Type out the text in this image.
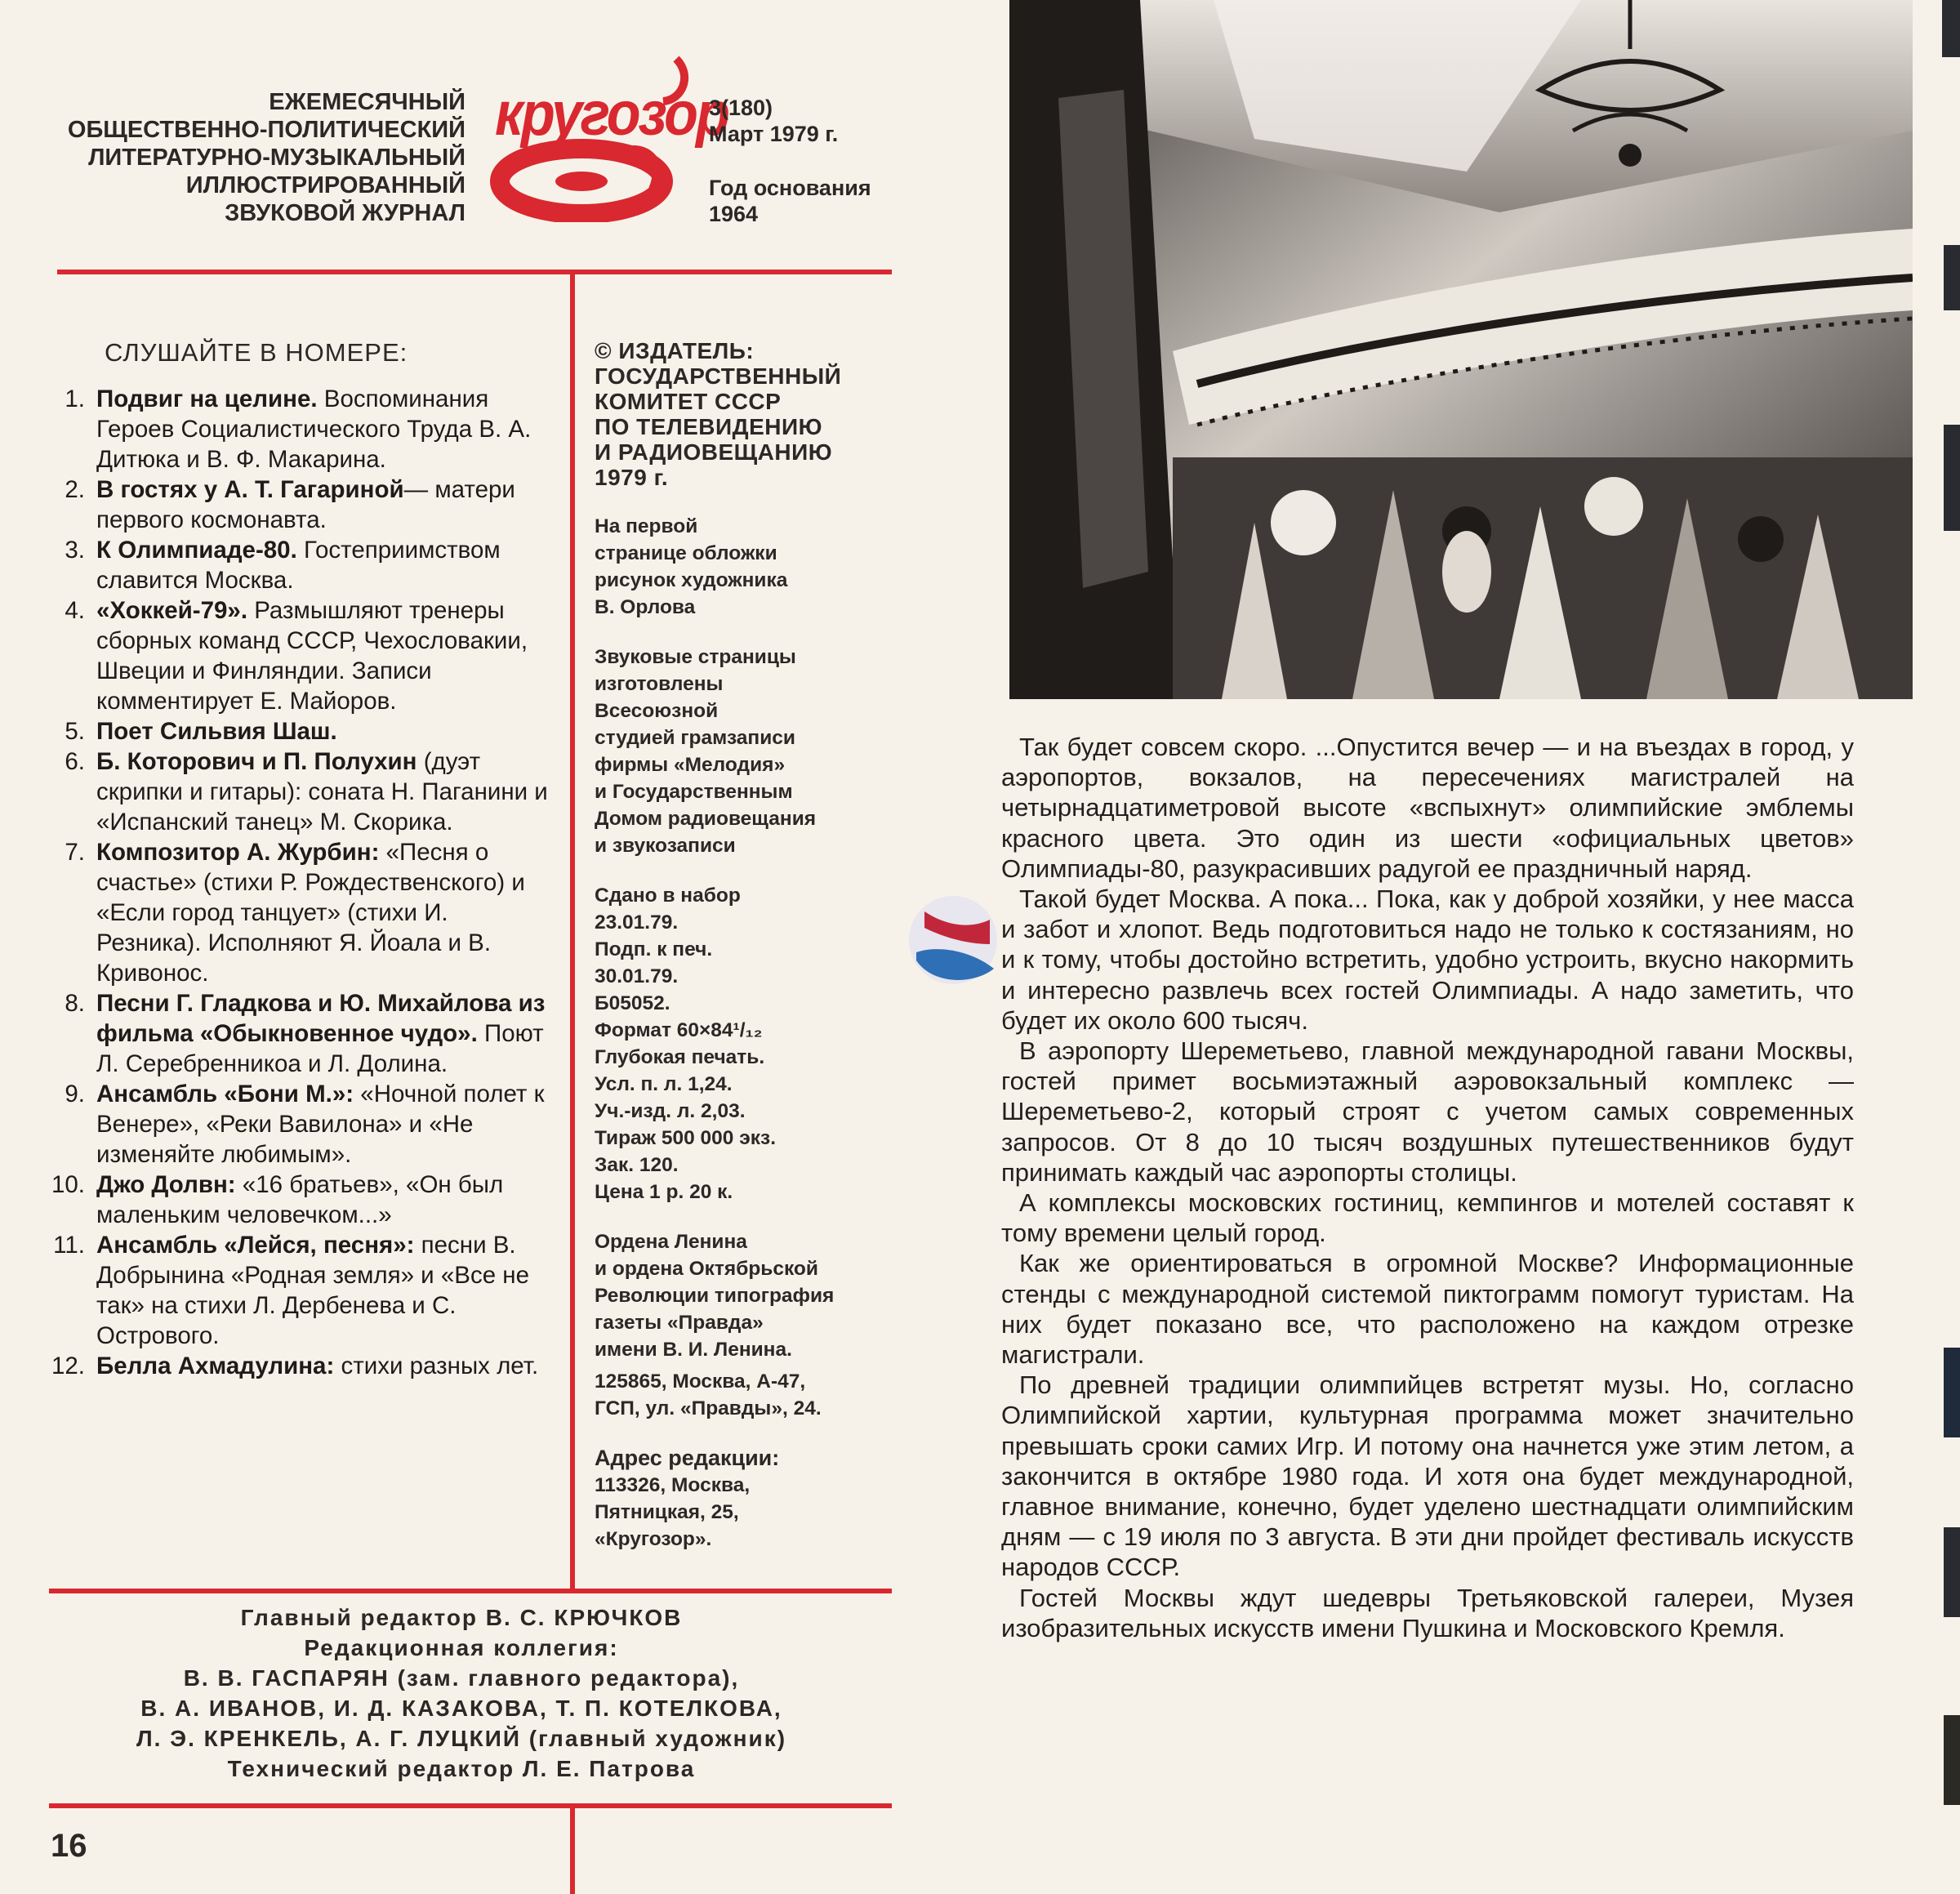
ЕЖЕМЕСЯЧНЫЙ
ОБЩЕСТВЕННО-ПОЛИТИЧЕСКИЙ
ЛИТЕРАТУРНО-МУЗЫКАЛЬНЫЙ
ИЛЛЮСТРИРОВАННЫЙ
ЗВУКОВОЙ ЖУРНАЛ
кругозор
3(180)
Март 1979 г.
Год основания
1964
СЛУШАЙТЕ В НОМЕРЕ:
1. Подвиг на целине. Воспоминания Героев Социалистического Труда В. А. Дитюка и В. Ф. Макарина.
2. В гостях у А. Т. Гагариной— матери первого космонавта.
3. К Олимпиаде-80. Гостеприимством славится Москва.
4. «Хоккей-79». Размышляют тренеры сборных команд СССР, Чехословакии, Швеции и Финляндии. Записи комментирует Е. Майоров.
5. Поет Сильвия Шаш.
6. Б. Которович и П. Полухин (дуэт скрипки и гитары): соната Н. Паганини и «Испанский танец» М. Скорика.
7. Композитор А. Журбин: «Песня о счастье» (стихи Р. Рождественского) и «Если город танцует» (стихи И. Резника). Исполняют Я. Йоала и В. Кривонос.
8. Песни Г. Гладкова и Ю. Михайлова из фильма «Обыкновенное чудо». Поют Л. Серебренникоа и Л. Долина.
9. Ансамбль «Бони М.»: «Ночной полет к Венере», «Реки Вавилона» и «Не изменяйте любимым».
10. Джо Долвн: «16 братьев», «Он был маленьким человечком...»
11. Ансамбль «Лейся, песня»: песни В. Добрынина «Родная земля» и «Все не так» на стихи Л. Дербенева и С. Острового.
12. Белла Ахмадулина: стихи разных лет.
© ИЗДАТЕЛЬ:
ГОСУДАРСТВЕННЫЙ
КОМИТЕТ СССР
ПО ТЕЛЕВИДЕНИЮ
И РАДИОВЕЩАНИЮ
1979 г.
На первой
странице обложки
рисунок художника
В. Орлова
Звуковые страницы
изготовлены
Всесоюзной
студией грамзаписи
фирмы «Мелодия»
и Государственным
Домом радиовещания
и звукозаписи
Сдано в набор
23.01.79.
Подп. к печ.
30.01.79.
Б05052.
Формат 60×84¹/₁₂
Глубокая печать.
Усл. п. л. 1,24.
Уч.-изд. л. 2,03.
Тираж 500 000 экз.
Зак. 120.
Цена 1 р. 20 к.
Ордена Ленина
и ордена Октябрьской
Революции типография
газеты «Правда»
имени В. И. Ленина.
125865, Москва, А-47,
ГСП, ул. «Правды», 24.
Адрес редакции:
113326, Москва,
Пятницкая, 25,
«Кругозор».
Главный редактор В. С. КРЮЧКОВ
Редакционная коллегия:
В. В. ГАСПАРЯН (зам. главного редактора),
В. А. ИВАНОВ, И. Д. КАЗАКОВА, Т. П. КОТЕЛКОВА,
Л. Э. КРЕНКЕЛЬ, А. Г. ЛУЦКИЙ (главный художник)
Технический редактор Л. Е. Патрова
16

Так будет совсем скоро. ...Опустится вечер — и на въездах в город, у аэропортов, вокзалов, на пересечениях магистралей на четырнадцатиметровой высоте «вспыхнут» олимпийские эмблемы красного цвета. Это один из шести «официальных цветов» Олимпиады-80, разукрасивших радугой ее праздничный наряд.

Такой будет Москва. А пока... Пока, как у доброй хозяйки, у нее масса и забот и хлопот. Ведь подготовиться надо не только к состязаниям, но и к тому, чтобы достойно встретить, удобно устроить, вкусно накормить и интересно развлечь всех гостей Олимпиады. А надо заметить, что будет их около 600 тысяч.

В аэропорту Шереметьево, главной международной гавани Москвы, гостей примет восьмиэтажный аэровокзальный комплекс — Шереметьево-2, который строят с учетом самых современных запросов. От 8 до 10 тысяч воздушных путешественников будут принимать каждый час аэропорты столицы.

А комплексы московских гостиниц, кемпингов и мотелей составят к тому времени целый город.

Как же ориентироваться в огромной Москве? Информационные стенды с международной системой пиктограмм помогут туристам. На них будет показано все, что расположено на каждом отрезке магистрали.

По древней традиции олимпийцев встретят музы. Но, согласно Олимпийской хартии, культурная программа может значительно превышать сроки самих Игр. И потому она начнется уже этим летом, а закончится в октябре 1980 года. И хотя она будет международной, главное внимание, конечно, будет уделено шестнадцати олимпийским дням — с 19 июля по 3 августа. В эти дни пройдет фестиваль искусств народов СССР.

Гостей Москвы ждут шедевры Третьяковской галереи, Музея изобразительных искусств имени Пушкина и Московского Кремля.
